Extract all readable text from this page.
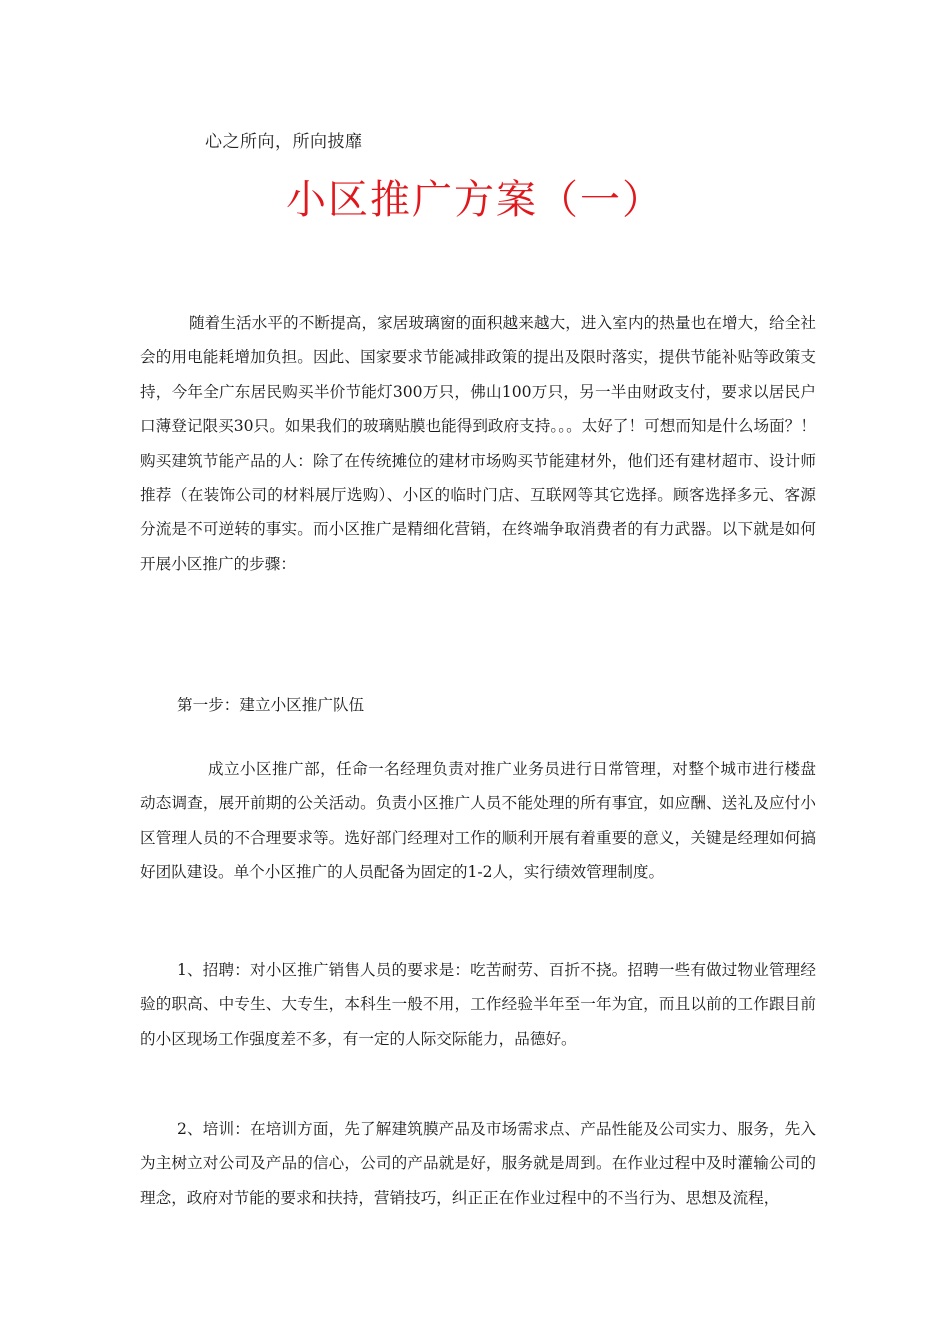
心之所向，所向披靡
小区推广方案（一）

随着生活水平的不断提高，家居玻璃窗的面积越来越大，进入室内的热量也在增大，给全社会的用电能耗增加负担。因此、国家要求节能减排政策的提出及限时落实，提供节能补贴等政策支持，今年全广东居民购买半价节能灯300万只，佛山100万只，另一半由财政支付，要求以居民户口薄登记限买30只。如果我们的玻璃贴膜也能得到政府支持。。。太好了！可想而知是什么场面？！购买建筑节能产品的人：除了在传统摊位的建材市场购买节能建材外，他们还有建材超市、设计师推荐（在装饰公司的材料展厅选购）、小区的临时门店、互联网等其它选择。顾客选择多元、客源分流是不可逆转的事实。而小区推广是精细化营销，在终端争取消费者的有力武器。以下就是如何开展小区推广的步骤：

第一步：建立小区推广队伍

成立小区推广部，任命一名经理负责对推广业务员进行日常管理，对整个城市进行楼盘动态调查，展开前期的公关活动。负责小区推广人员不能处理的所有事宜，如应酬、送礼及应付小区管理人员的不合理要求等。选好部门经理对工作的顺利开展有着重要的意义，关键是经理如何搞好团队建设。单个小区推广的人员配备为固定的1-2人，实行绩效管理制度。

1、招聘：对小区推广销售人员的要求是：吃苦耐劳、百折不挠。招聘一些有做过物业管理经验的职高、中专生、大专生，本科生一般不用，工作经验半年至一年为宜，而且以前的工作跟目前的小区现场工作强度差不多，有一定的人际交际能力，品德好。

2、培训：在培训方面，先了解建筑膜产品及市场需求点、产品性能及公司实力、服务，先入为主树立对公司及产品的信心，公司的产品就是好，服务就是周到。在作业过程中及时灌输公司的理念，政府对节能的要求和扶持，营销技巧，纠正正在作业过程中的不当行为、思想及流程，
